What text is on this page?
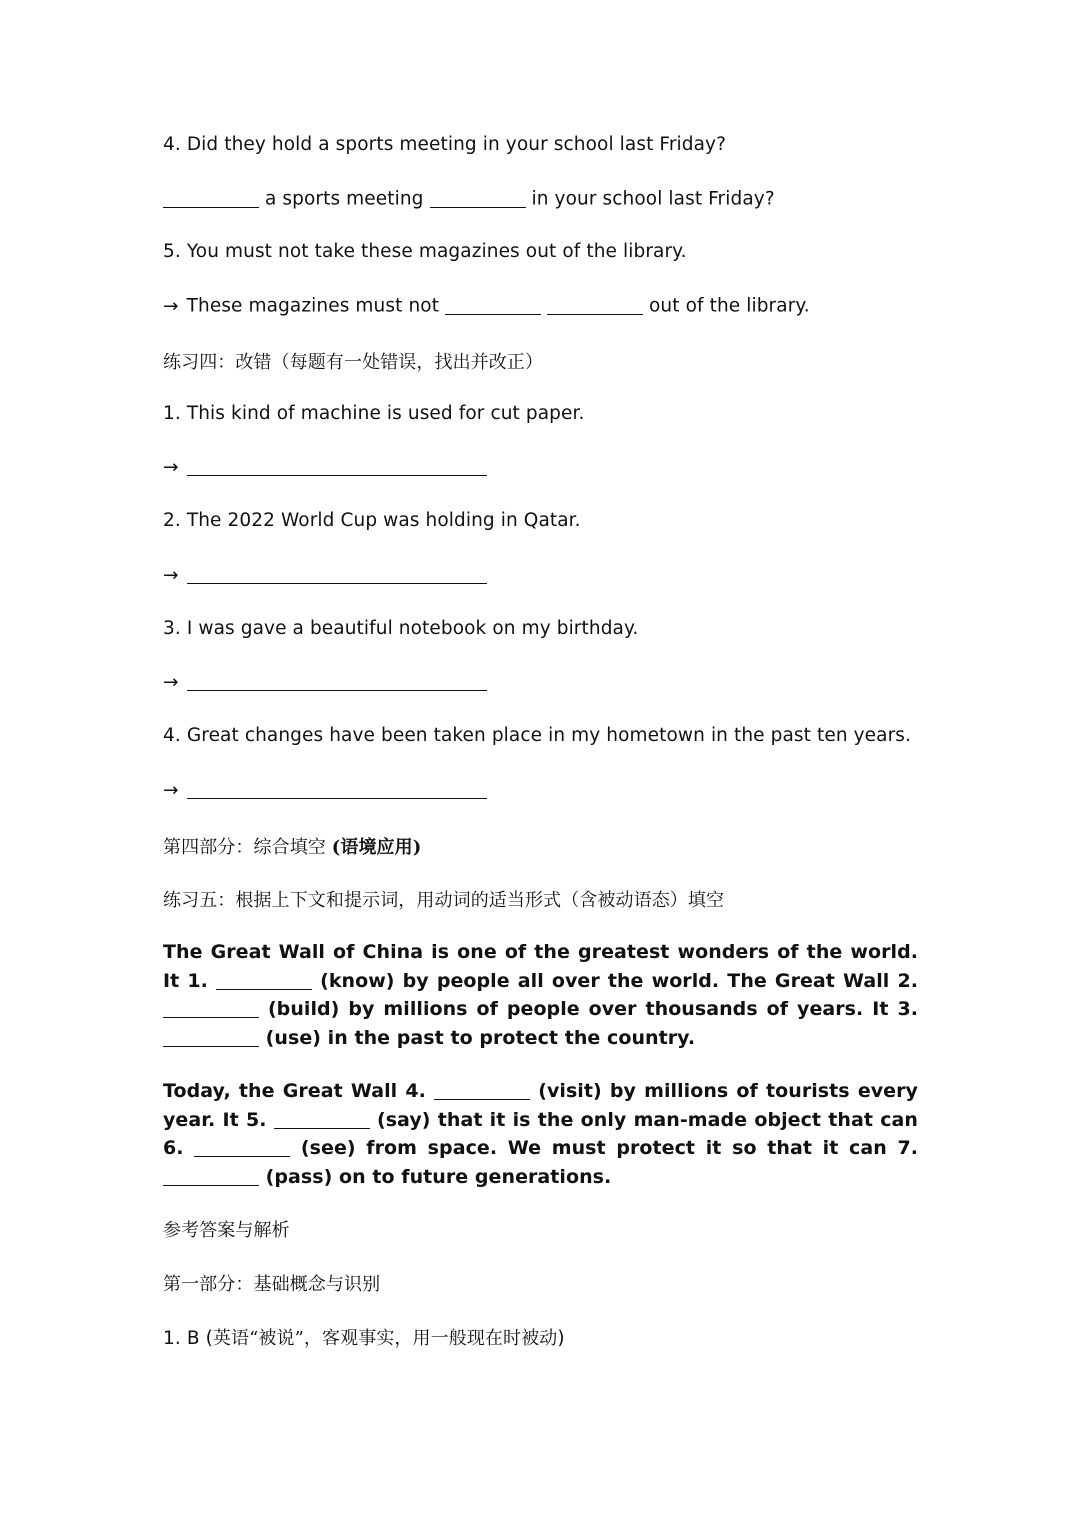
4. Did they hold a sports meeting in your school last Friday?
a sports meeting	in your school last Friday?
5. You must not take these magazines out of the library.
→ These magazines must not	out of the library.
练习四：改错（每题有一处错误，找出并改正）
1. This kind of machine is used for cut paper.
→
2. The 2022 World Cup was holding in Qatar.
→
3. I was gave a beautiful notebook on my birthday.
→
4. Great changes have been taken place in my hometown in the past ten years.
→
第四部分：综合填空 (语境应用)
练习五：根据上下文和提示词，用动词的适当形式（含被动语态）填空
The Great Wall of China is one of the greatest wonders of the world. It 1.	(know) by people all over the world. The Great Wall 2.  (build) by millions of people over thousands of years. It 3.  (use) in the past to protect the country.
Today, the Great Wall 4.	(visit) by millions of tourists every year. It 5.	(say) that it is the only man-made object that can 6.	(see) from space. We must protect it so that it can 7.  (pass) on to future generations.
参考答案与解析
第一部分：基础概念与识别
1. B (英语“被说”，客观事实，用一般现在时被动)
